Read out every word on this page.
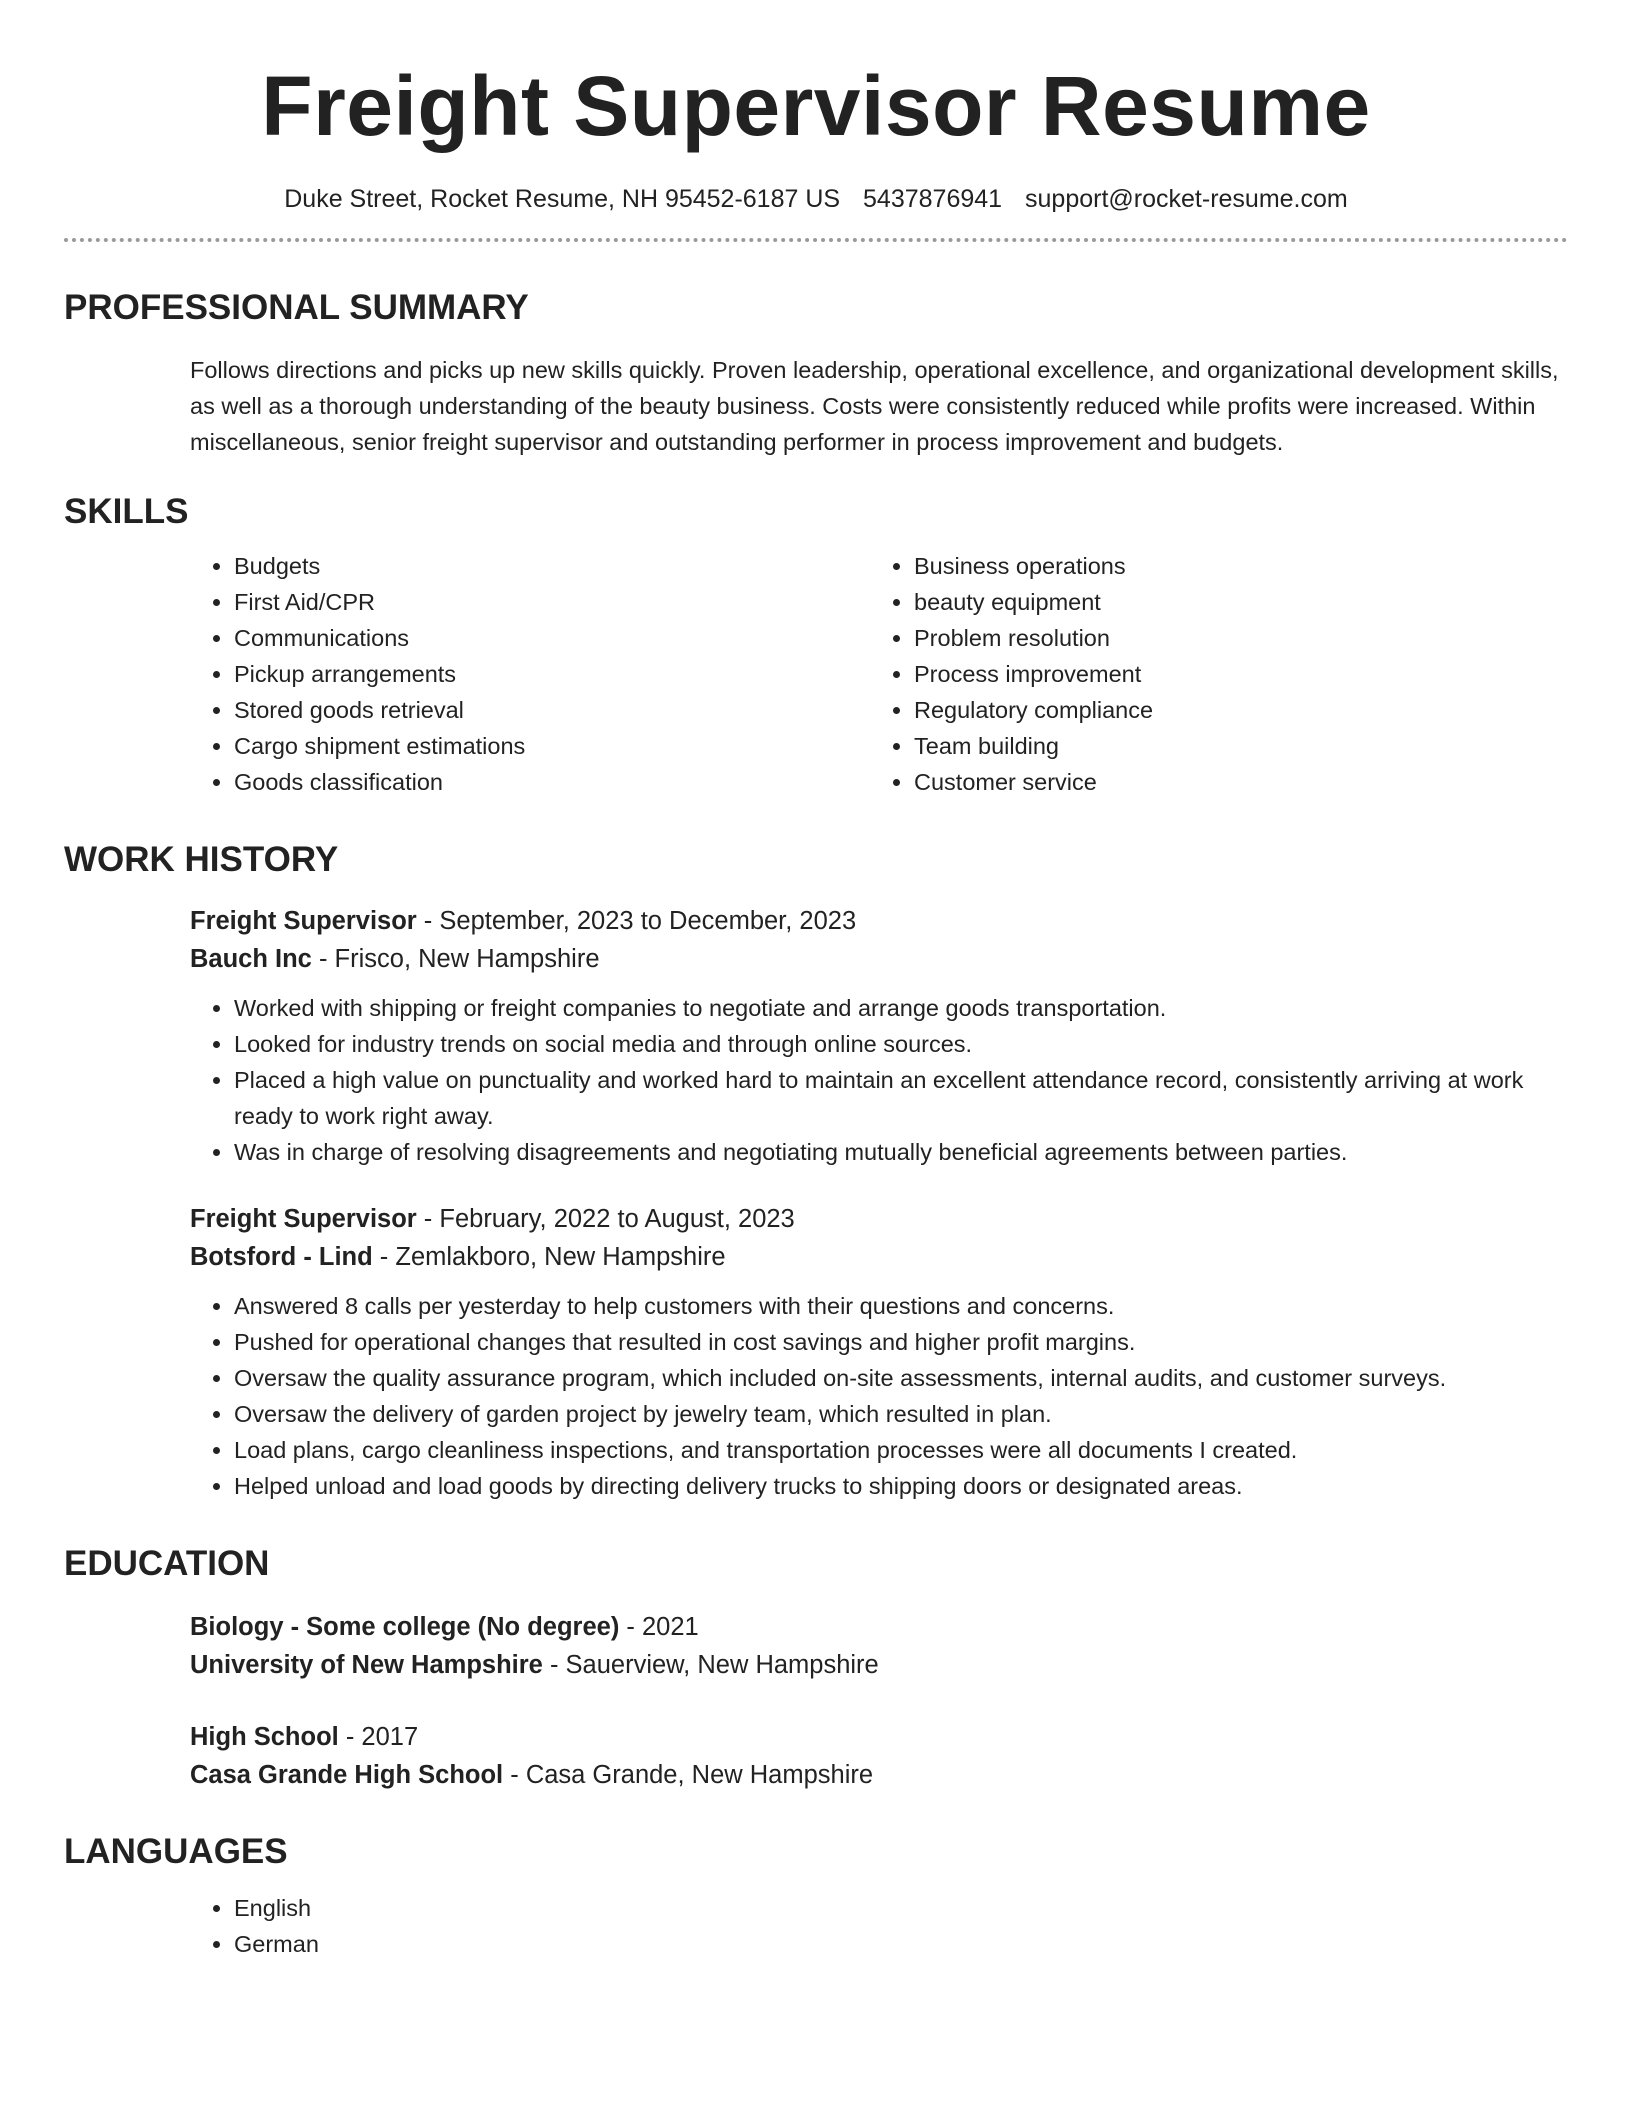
Freight Supervisor Resume
Duke Street, Rocket Resume, NH 95452-6187 US 5437876941 support@rocket-resume.com
PROFESSIONAL SUMMARY

Follows directions and picks up new skills quickly. Proven leadership, operational excellence, and organizational development skills, as well as a thorough understanding of the beauty business. Costs were consistently reduced while profits were increased. Within miscellaneous, senior freight supervisor and outstanding performer in process improvement and budgets.

SKILLS
• Budgets
• First Aid/CPR
• Communications
• Pickup arrangements
• Stored goods retrieval
• Cargo shipment estimations
• Goods classification
• Business operations
• beauty equipment
• Problem resolution
• Process improvement
• Regulatory compliance
• Team building
• Customer service
WORK HISTORY
Freight Supervisor - September, 2023 to December, 2023
Bauch Inc - Frisco, New Hampshire
• Worked with shipping or freight companies to negotiate and arrange goods transportation.
• Looked for industry trends on social media and through online sources.
• Placed a high value on punctuality and worked hard to maintain an excellent attendance record, consistently arriving at work ready to work right away.
• Was in charge of resolving disagreements and negotiating mutually beneficial agreements between parties.
Freight Supervisor - February, 2022 to August, 2023
Botsford - Lind - Zemlakboro, New Hampshire
• Answered 8 calls per yesterday to help customers with their questions and concerns.
• Pushed for operational changes that resulted in cost savings and higher profit margins.
• Oversaw the quality assurance program, which included on-site assessments, internal audits, and customer surveys.
• Oversaw the delivery of garden project by jewelry team, which resulted in plan.
• Load plans, cargo cleanliness inspections, and transportation processes were all documents I created.
• Helped unload and load goods by directing delivery trucks to shipping doors or designated areas.
EDUCATION
Biology - Some college (No degree) - 2021
University of New Hampshire - Sauerview, New Hampshire
High School - 2017
Casa Grande High School - Casa Grande, New Hampshire
LANGUAGES
• English
• German
